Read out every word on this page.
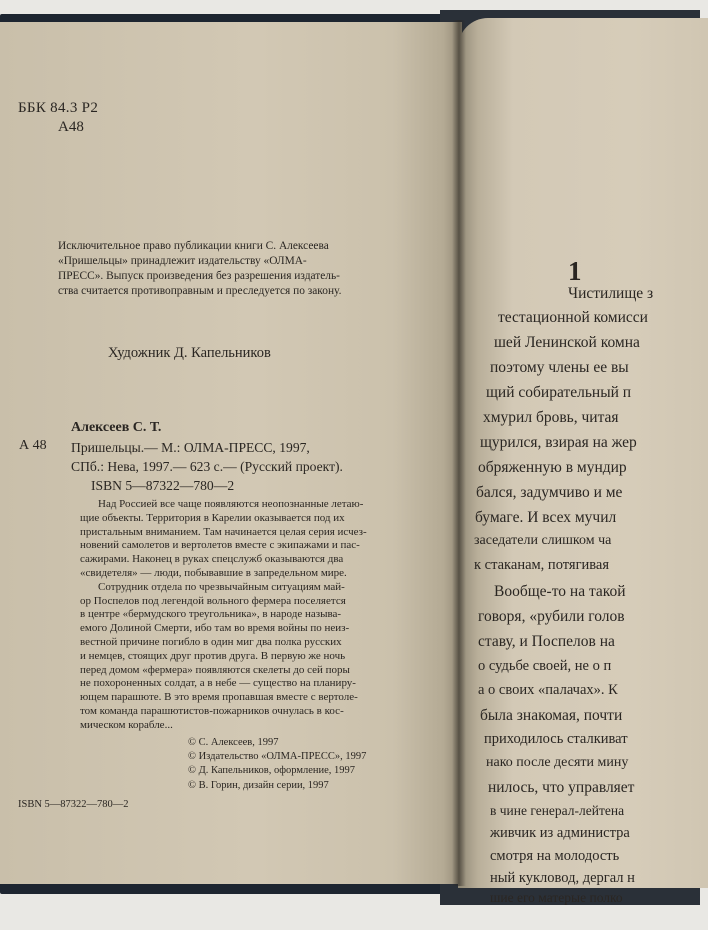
ББК 84.3 Р2
А48
Исключительное право публикации книги С. Алексеева
«Пришельцы» принадлежит издательству «ОЛМА-
ПРЕСС». Выпуск произведения без разрешения издатель-
ства считается противоправным и преследуется по закону.
Художник Д. Капельников
Алексеев С. Т.
А 48 Пришельцы.— М.: ОЛМА-ПРЕСС, 1997,
СПб.: Нева, 1997.— 623 с.— (Русский проект).
ISBN 5—87322—780—2
Над Россией все чаще появляются неопознанные летаю-
щие объекты. Территория в Карелии оказывается под их
пристальным вниманием. Там начинается целая серия исчез-
новений самолетов и вертолетов вместе с экипажами и пас-
сажирами. Наконец в руках спецслужб оказываются два
«свидетеля» — люди, побывавшие в запредельном мире.
Сотрудник отдела по чрезвычайным ситуациям май-
ор Поспелов под легендой вольного фермера поселяется
в центре «бермудского треугольника», в народе называ-
емого Долиной Смерти, ибо там во время войны по неиз-
вестной причине погибло в один миг два полка русских
и немцев, стоящих друг против друга. В первую же ночь
перед домом «фермера» появляются скелеты до сей поры
не похороненных солдат, а в небе — существо на планиру-
ющем парашюте. В это время пропавшая вместе с вертоле-
том команда парашютистов-пожарников очнулась в кос-
мическом корабле...
© С. Алексеев, 1997
© Издательство «ОЛМА-ПРЕСС», 1997
© Д. Капельников, оформление, 1997
© В. Горин, дизайн серии, 1997
ISBN 5—87322—780—2
1
Чистилище з
тестационной комисси
шей Ленинской комна
поэтому члены ее вы
щий собирательный п
хмурил бровь, читая
щурился, взирая на жер
обряженную в мундир
бался, задумчиво и ме
бумаге. И всех мучил
заседатели слишком ча
к стаканам, потягивая
Вообще-то на такой
говоря, «рубили голов
ставу, и Поспелов на
о судьбе своей, не о п
а о своих «палачах». К
была знакомая, почти
приходилось сталкиват
нако после десяти мину
нилось, что управляет
в чине генерал-лейтена
живчик из администра
смотря на молодость
ный кукловод, дергал н
шие его матерые полко
